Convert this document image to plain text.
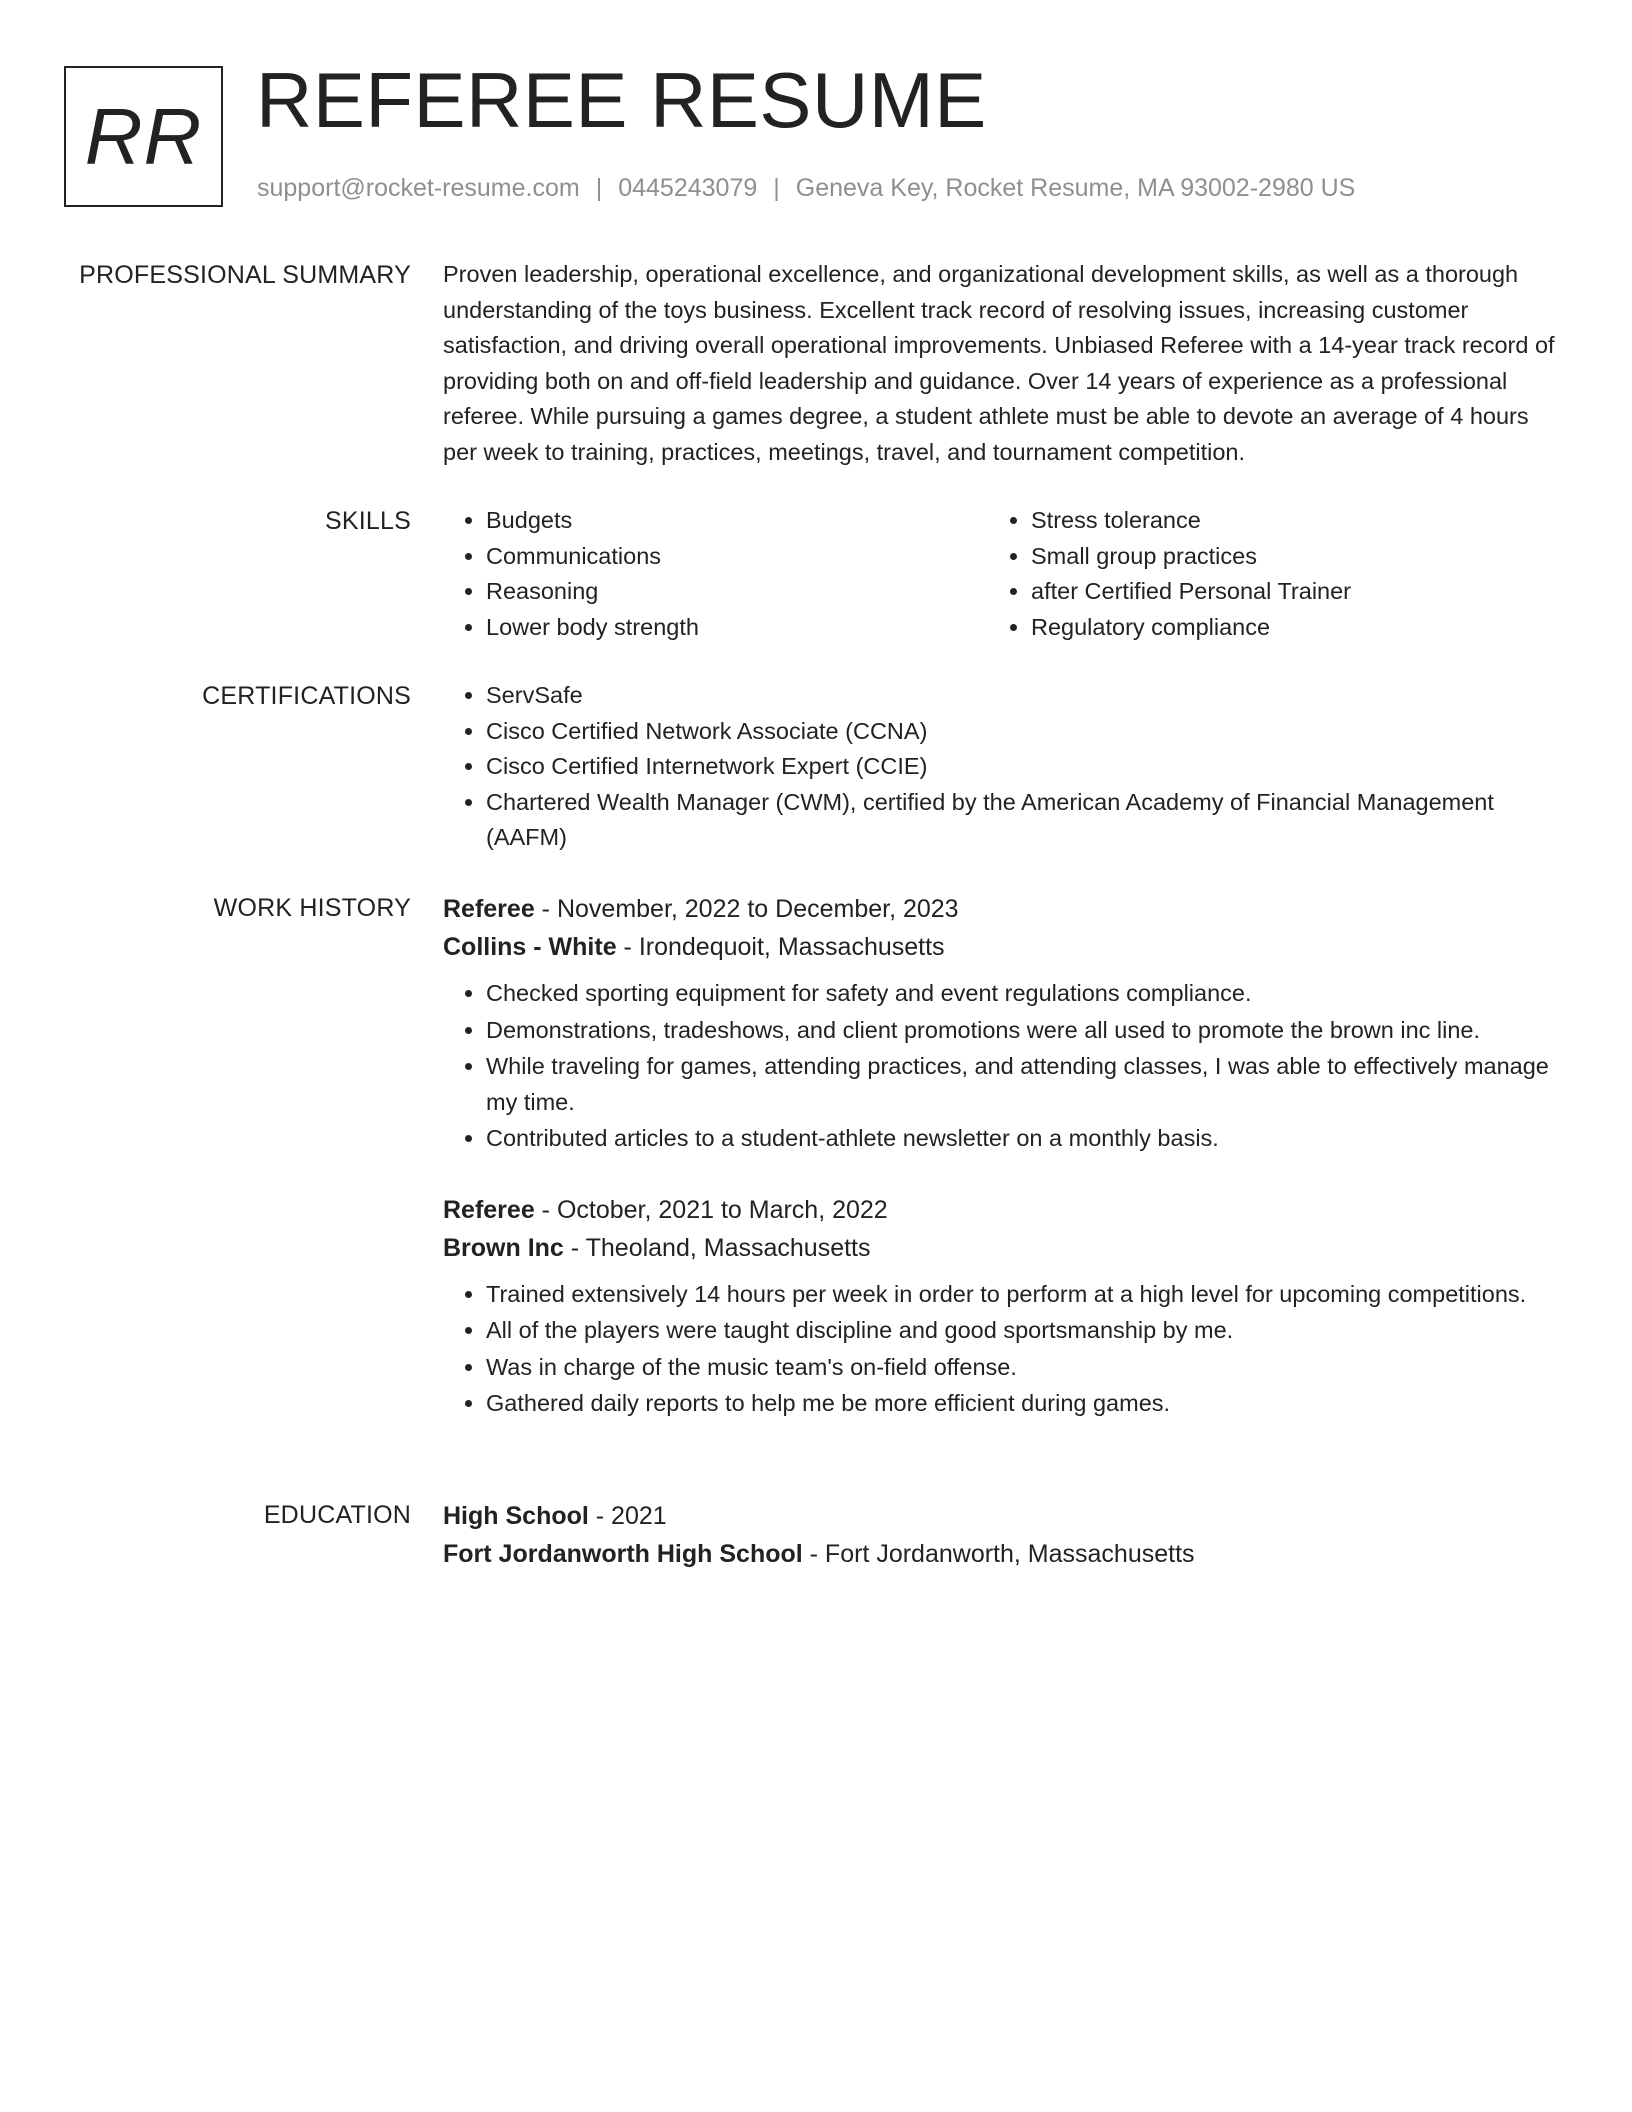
RR REFEREE RESUME
support@rocket-resume.com | 0445243079 | Geneva Key, Rocket Resume, MA 93002-2980 US
PROFESSIONAL SUMMARY Proven leadership, operational excellence, and organizational development skills, as well as a thorough understanding of the toys business. Excellent track record of resolving issues, increasing customer satisfaction, and driving overall operational improvements. Unbiased Referee with a 14-year track record of providing both on and off-field leadership and guidance. Over 14 years of experience as a professional referee. While pursuing a games degree, a student athlete must be able to devote an average of 4 hours per week to training, practices, meetings, travel, and tournament competition.
SKILLS	• Budgets
• Communications
• Reasoning
• Lower body strength
• Stress tolerance
• Small group practices
• after Certified Personal Trainer
• Regulatory compliance
CERTIFICATIONS	• ServSafe
• Cisco Certified Network Associate (CCNA)
• Cisco Certified Internetwork Expert (CCIE)
• Chartered Wealth Manager (CWM), certified by the American Academy of Financial Management (AAFM)
WORK HISTORY Referee - November, 2022 to December, 2023
Collins - White - Irondequoit, Massachusetts
• Checked sporting equipment for safety and event regulations compliance.
• Demonstrations, tradeshows, and client promotions were all used to promote the brown inc line.
• While traveling for games, attending practices, and attending classes, I was able to effectively manage my time.
• Contributed articles to a student-athlete newsletter on a monthly basis.
Referee - October, 2021 to March, 2022
Brown Inc - Theoland, Massachusetts
• Trained extensively 14 hours per week in order to perform at a high level for upcoming competitions.
• All of the players were taught discipline and good sportsmanship by me.
• Was in charge of the music team's on-field offense.
• Gathered daily reports to help me be more efficient during games.
EDUCATION High School - 2021
Fort Jordanworth High School - Fort Jordanworth, Massachusetts
